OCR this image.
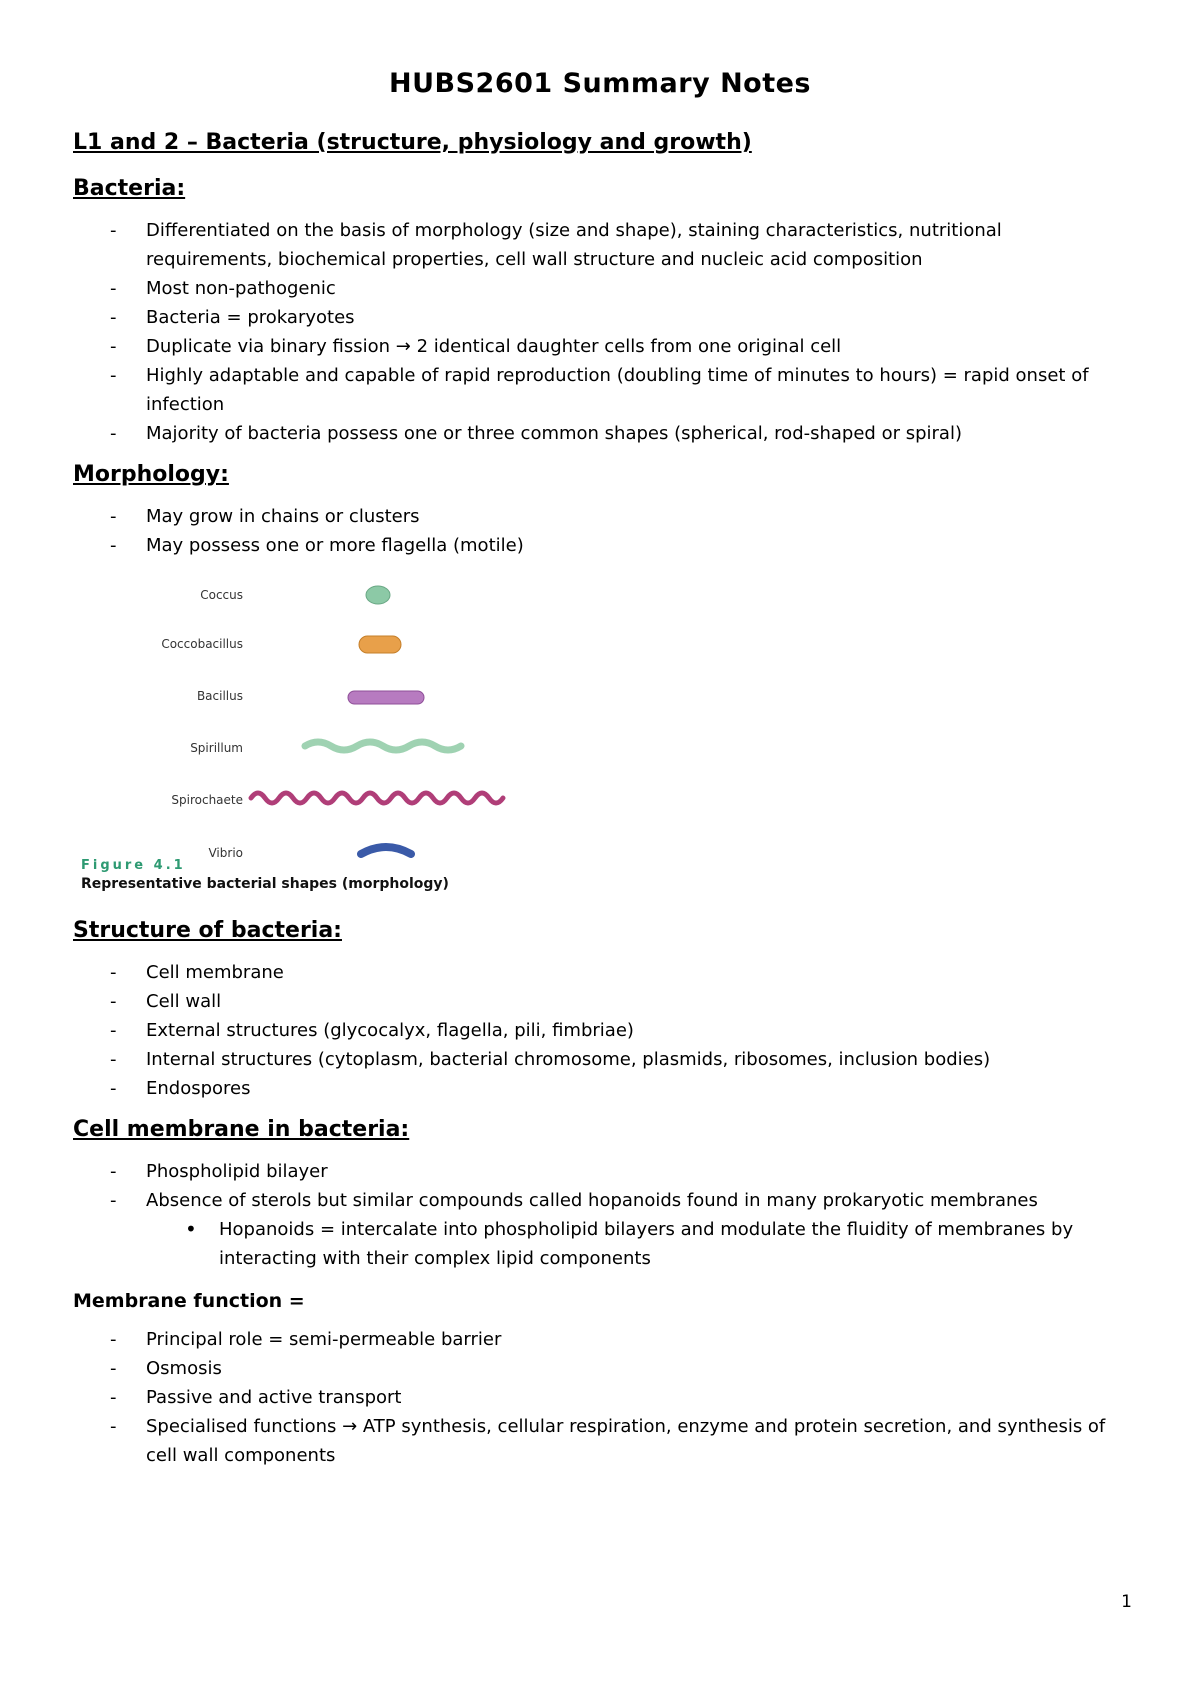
HUBS2601 Summary Notes
L1 and 2 – Bacteria (structure, physiology and growth)
Bacteria:
- Differentiated on the basis of morphology (size and shape), staining characteristics, nutritional requirements, biochemical properties, cell wall structure and nucleic acid composition
- Most non-pathogenic
- Bacteria = prokaryotes
- Duplicate via binary fission → 2 identical daughter cells from one original cell
- Highly adaptable and capable of rapid reproduction (doubling time of minutes to hours) = rapid onset of infection
- Majority of bacteria possess one or three common shapes (spherical, rod-shaped or spiral)
Morphology:
- May grow in chains or clusters
- May possess one or more flagella (motile)
Coccus
Coccobacillus
Bacillus
Spirillum
Spirochaete
Vibrio
Figure 4.1
Representative bacterial shapes (morphology)
Structure of bacteria:
- Cell membrane
- Cell wall
- External structures (glycocalyx, flagella, pili, fimbriae)
- Internal structures (cytoplasm, bacterial chromosome, plasmids, ribosomes, inclusion bodies)
- Endospores
Cell membrane in bacteria:
- Phospholipid bilayer
- Absence of sterols but similar compounds called hopanoids found in many prokaryotic membranes
• Hopanoids = intercalate into phospholipid bilayers and modulate the fluidity of membranes by interacting with their complex lipid components
Membrane function =
- Principal role = semi-permeable barrier
- Osmosis
- Passive and active transport
- Specialised functions → ATP synthesis, cellular respiration, enzyme and protein secretion, and synthesis of cell wall components
1
